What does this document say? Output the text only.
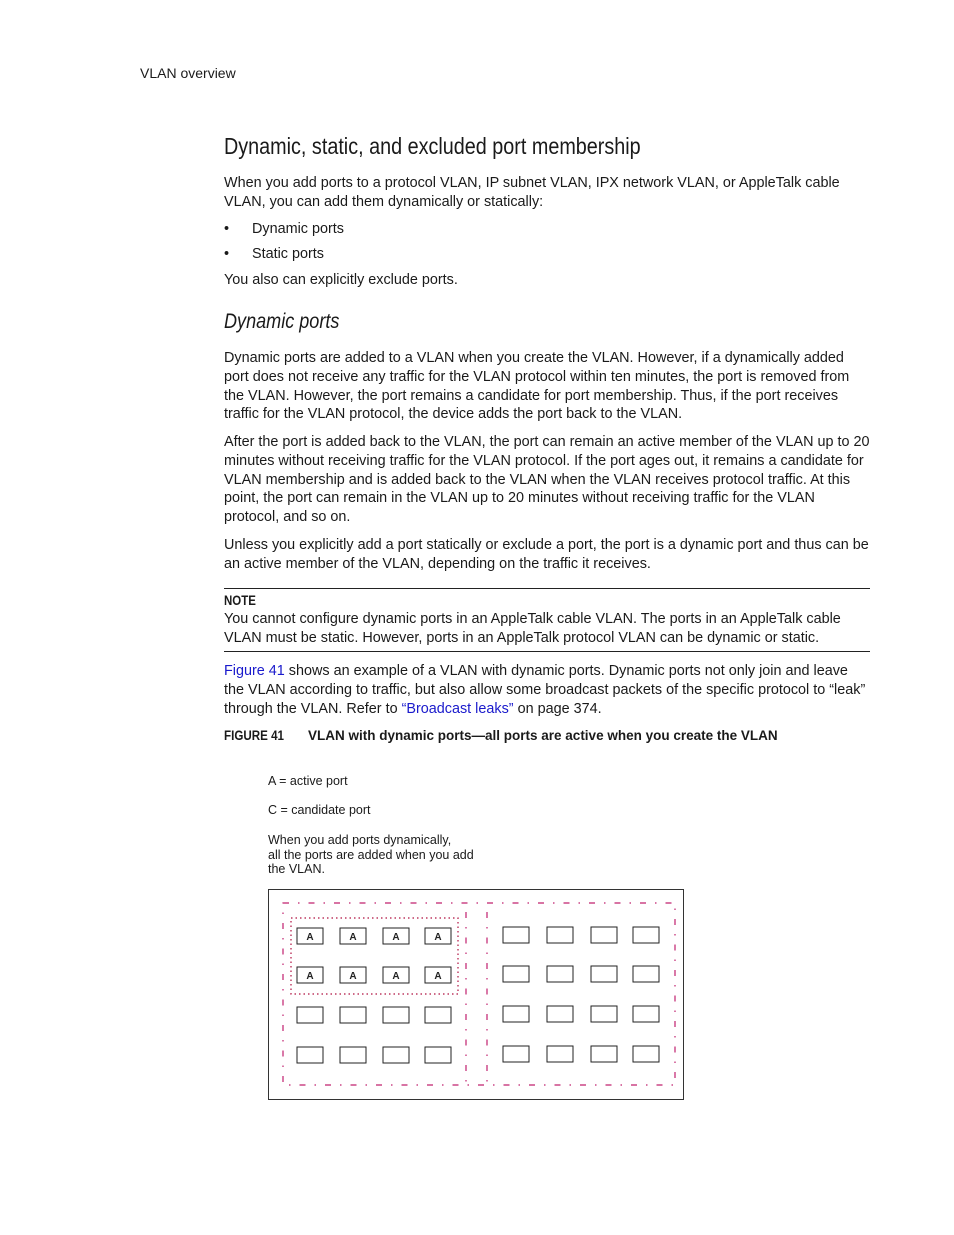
VLAN overview
Dynamic, static, and excluded port membership
When you add ports to a protocol VLAN, IP subnet VLAN, IPX network VLAN, or AppleTalk cable VLAN, you can add them dynamically or statically:
• Dynamic ports
• Static ports
You also can explicitly exclude ports.
Dynamic ports
Dynamic ports are added to a VLAN when you create the VLAN. However, if a dynamically added port does not receive any traffic for the VLAN protocol within ten minutes, the port is removed from the VLAN. However, the port remains a candidate for port membership. Thus, if the port receives traffic for the VLAN protocol, the device adds the port back to the VLAN.
After the port is added back to the VLAN, the port can remain an active member of the VLAN up to 20 minutes without receiving traffic for the VLAN protocol. If the port ages out, it remains a candidate for VLAN membership and is added back to the VLAN when the VLAN receives protocol traffic. At this point, the port can remain in the VLAN up to 20 minutes without receiving traffic for the VLAN protocol, and so on.
Unless you explicitly add a port statically or exclude a port, the port is a dynamic port and thus can be an active member of the VLAN, depending on the traffic it receives.
NOTE
You cannot configure dynamic ports in an AppleTalk cable VLAN. The ports in an AppleTalk cable VLAN must be static. However, ports in an AppleTalk protocol VLAN can be dynamic or static.
Figure 41 shows an example of a VLAN with dynamic ports. Dynamic ports not only join and leave the VLAN according to traffic, but also allow some broadcast packets of the specific protocol to “leak” through the VLAN. Refer to “Broadcast leaks” on page 374.
FIGURE 41 VLAN with dynamic ports—all ports are active when you create the VLAN
A = active port
C = candidate port
When you add ports dynamically,
all the ports are added when you add
the VLAN.
A	A	A	A
A	A	A	A
